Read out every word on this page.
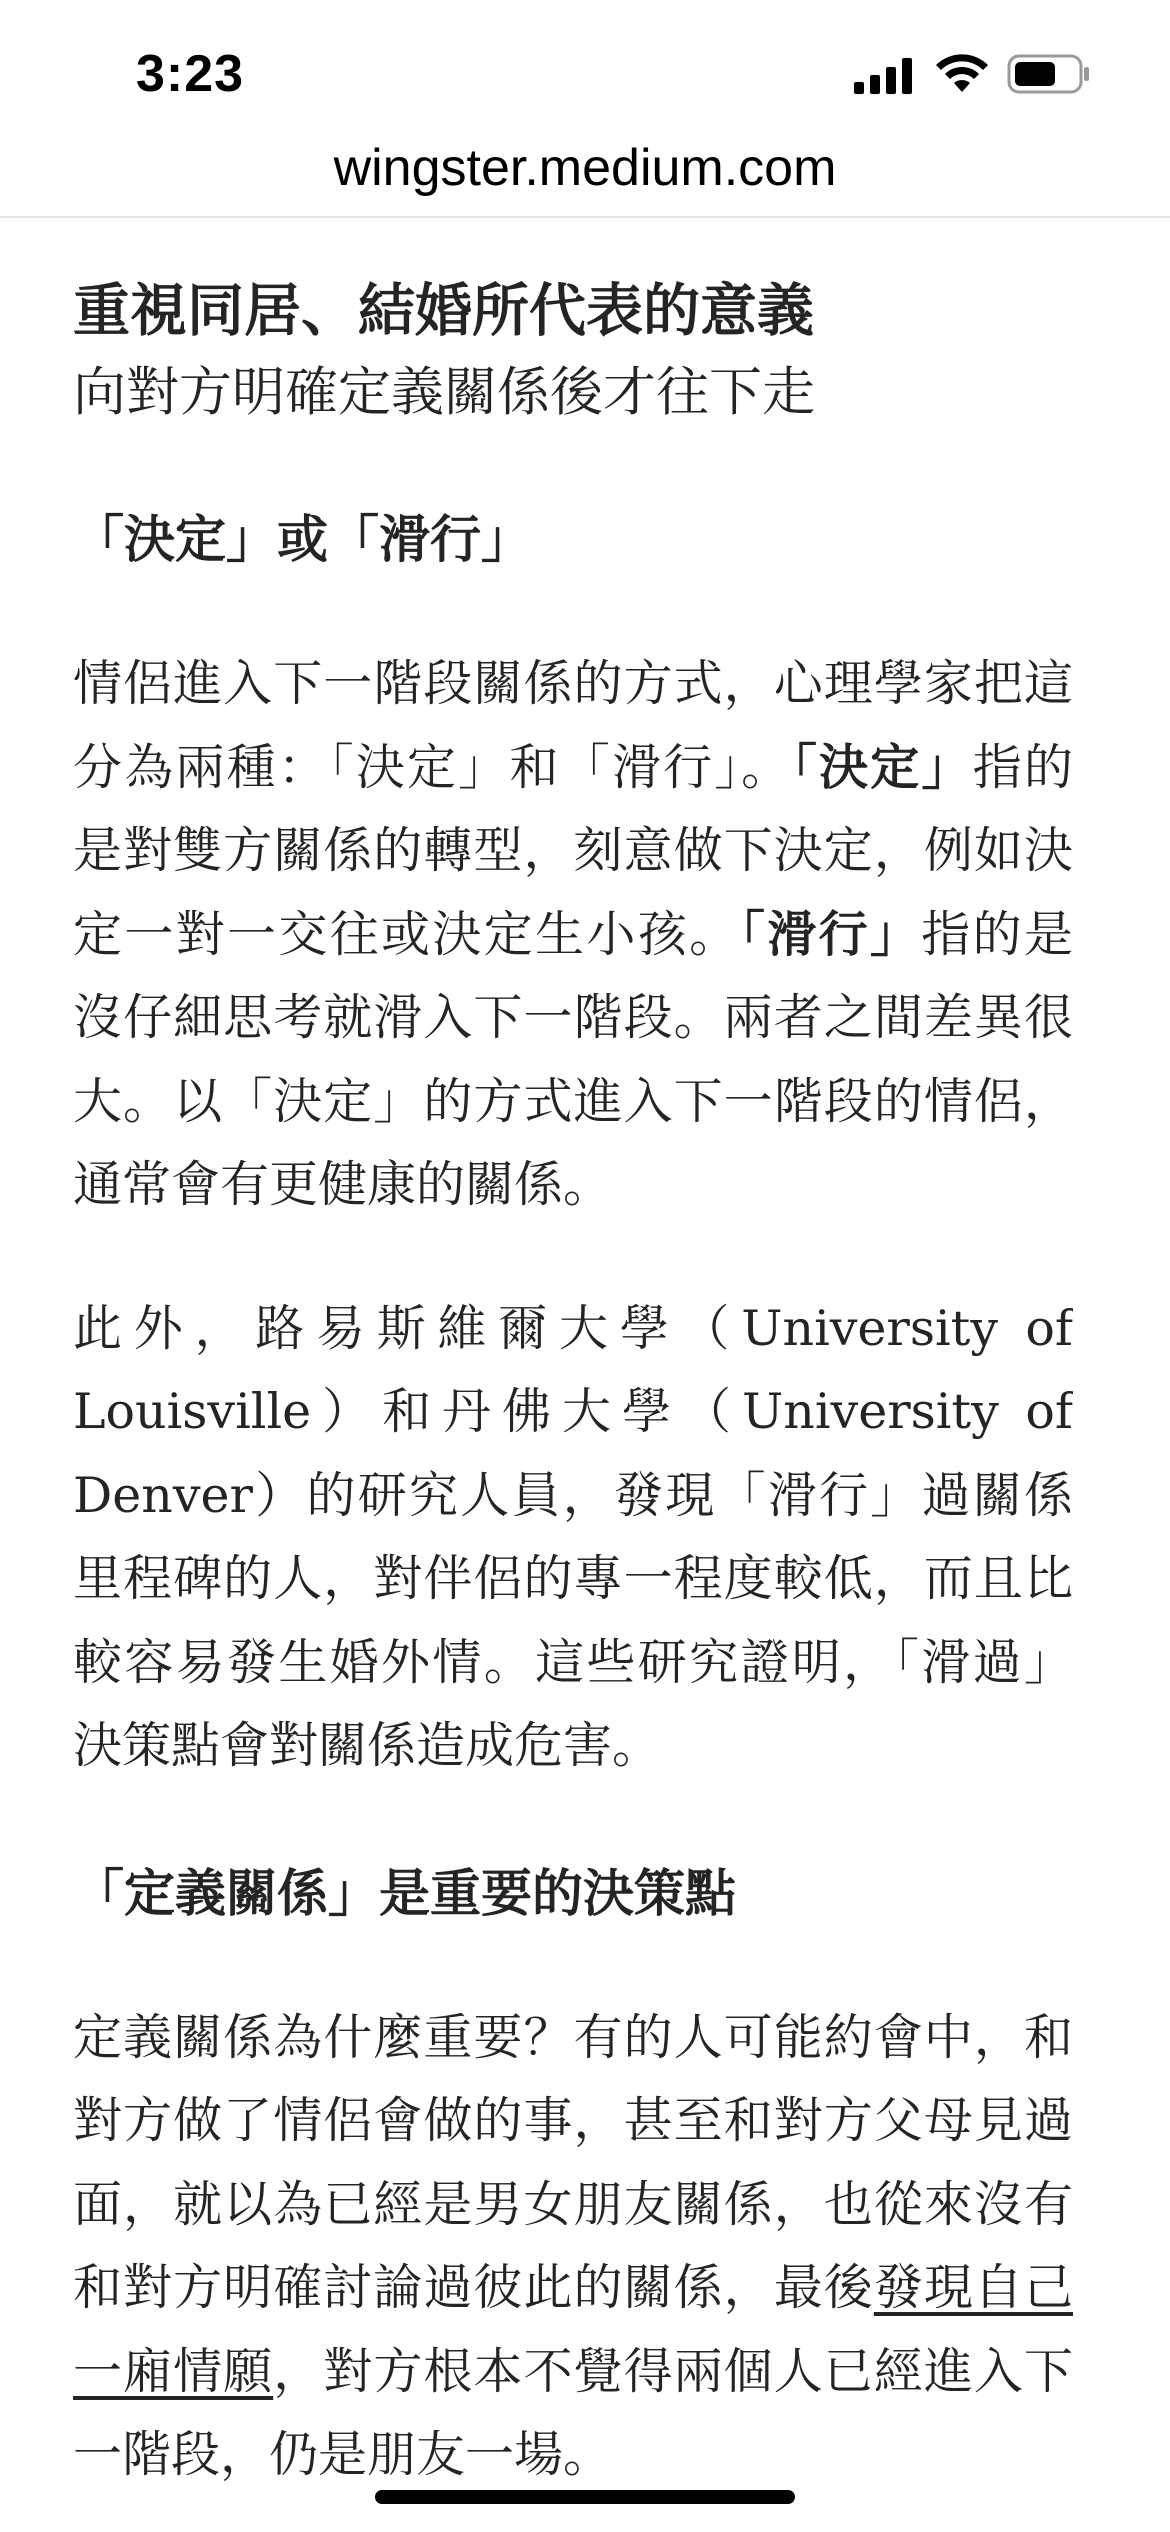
3:23
wingster.medium.com
重視同居、結婚所代表的意義

向對方明確定義關係後才往下走

「決定」或「滑行」

情侶進入下一階段關係的方式，心理學家把這分為兩種：「決定」和「滑行」。「決定」指的是對雙方關係的轉型，刻意做下決定，例如決定一對一交往或決定生小孩。「滑行」指的是沒仔細思考就滑入下一階段。兩者之間差異很大。以「決定」的方式進入下一階段的情侶，通常會有更健康的關係。

此外，路易斯維爾大學（University of Louisville）和丹佛大學（University of Denver）的研究人員，發現「滑行」過關係里程碑的人，對伴侶的專一程度較低，而且比較容易發生婚外情。這些研究證明，「滑過」決策點會對關係造成危害。

「定義關係」是重要的決策點

定義關係為什麼重要？有的人可能約會中，和對方做了情侶會做的事，甚至和對方父母見過面，就以為已經是男女朋友關係，也從來沒有和對方明確討論過彼此的關係，最後發現自己一廂情願，對方根本不覺得兩個人已經進入下一階段，仍是朋友一場。
